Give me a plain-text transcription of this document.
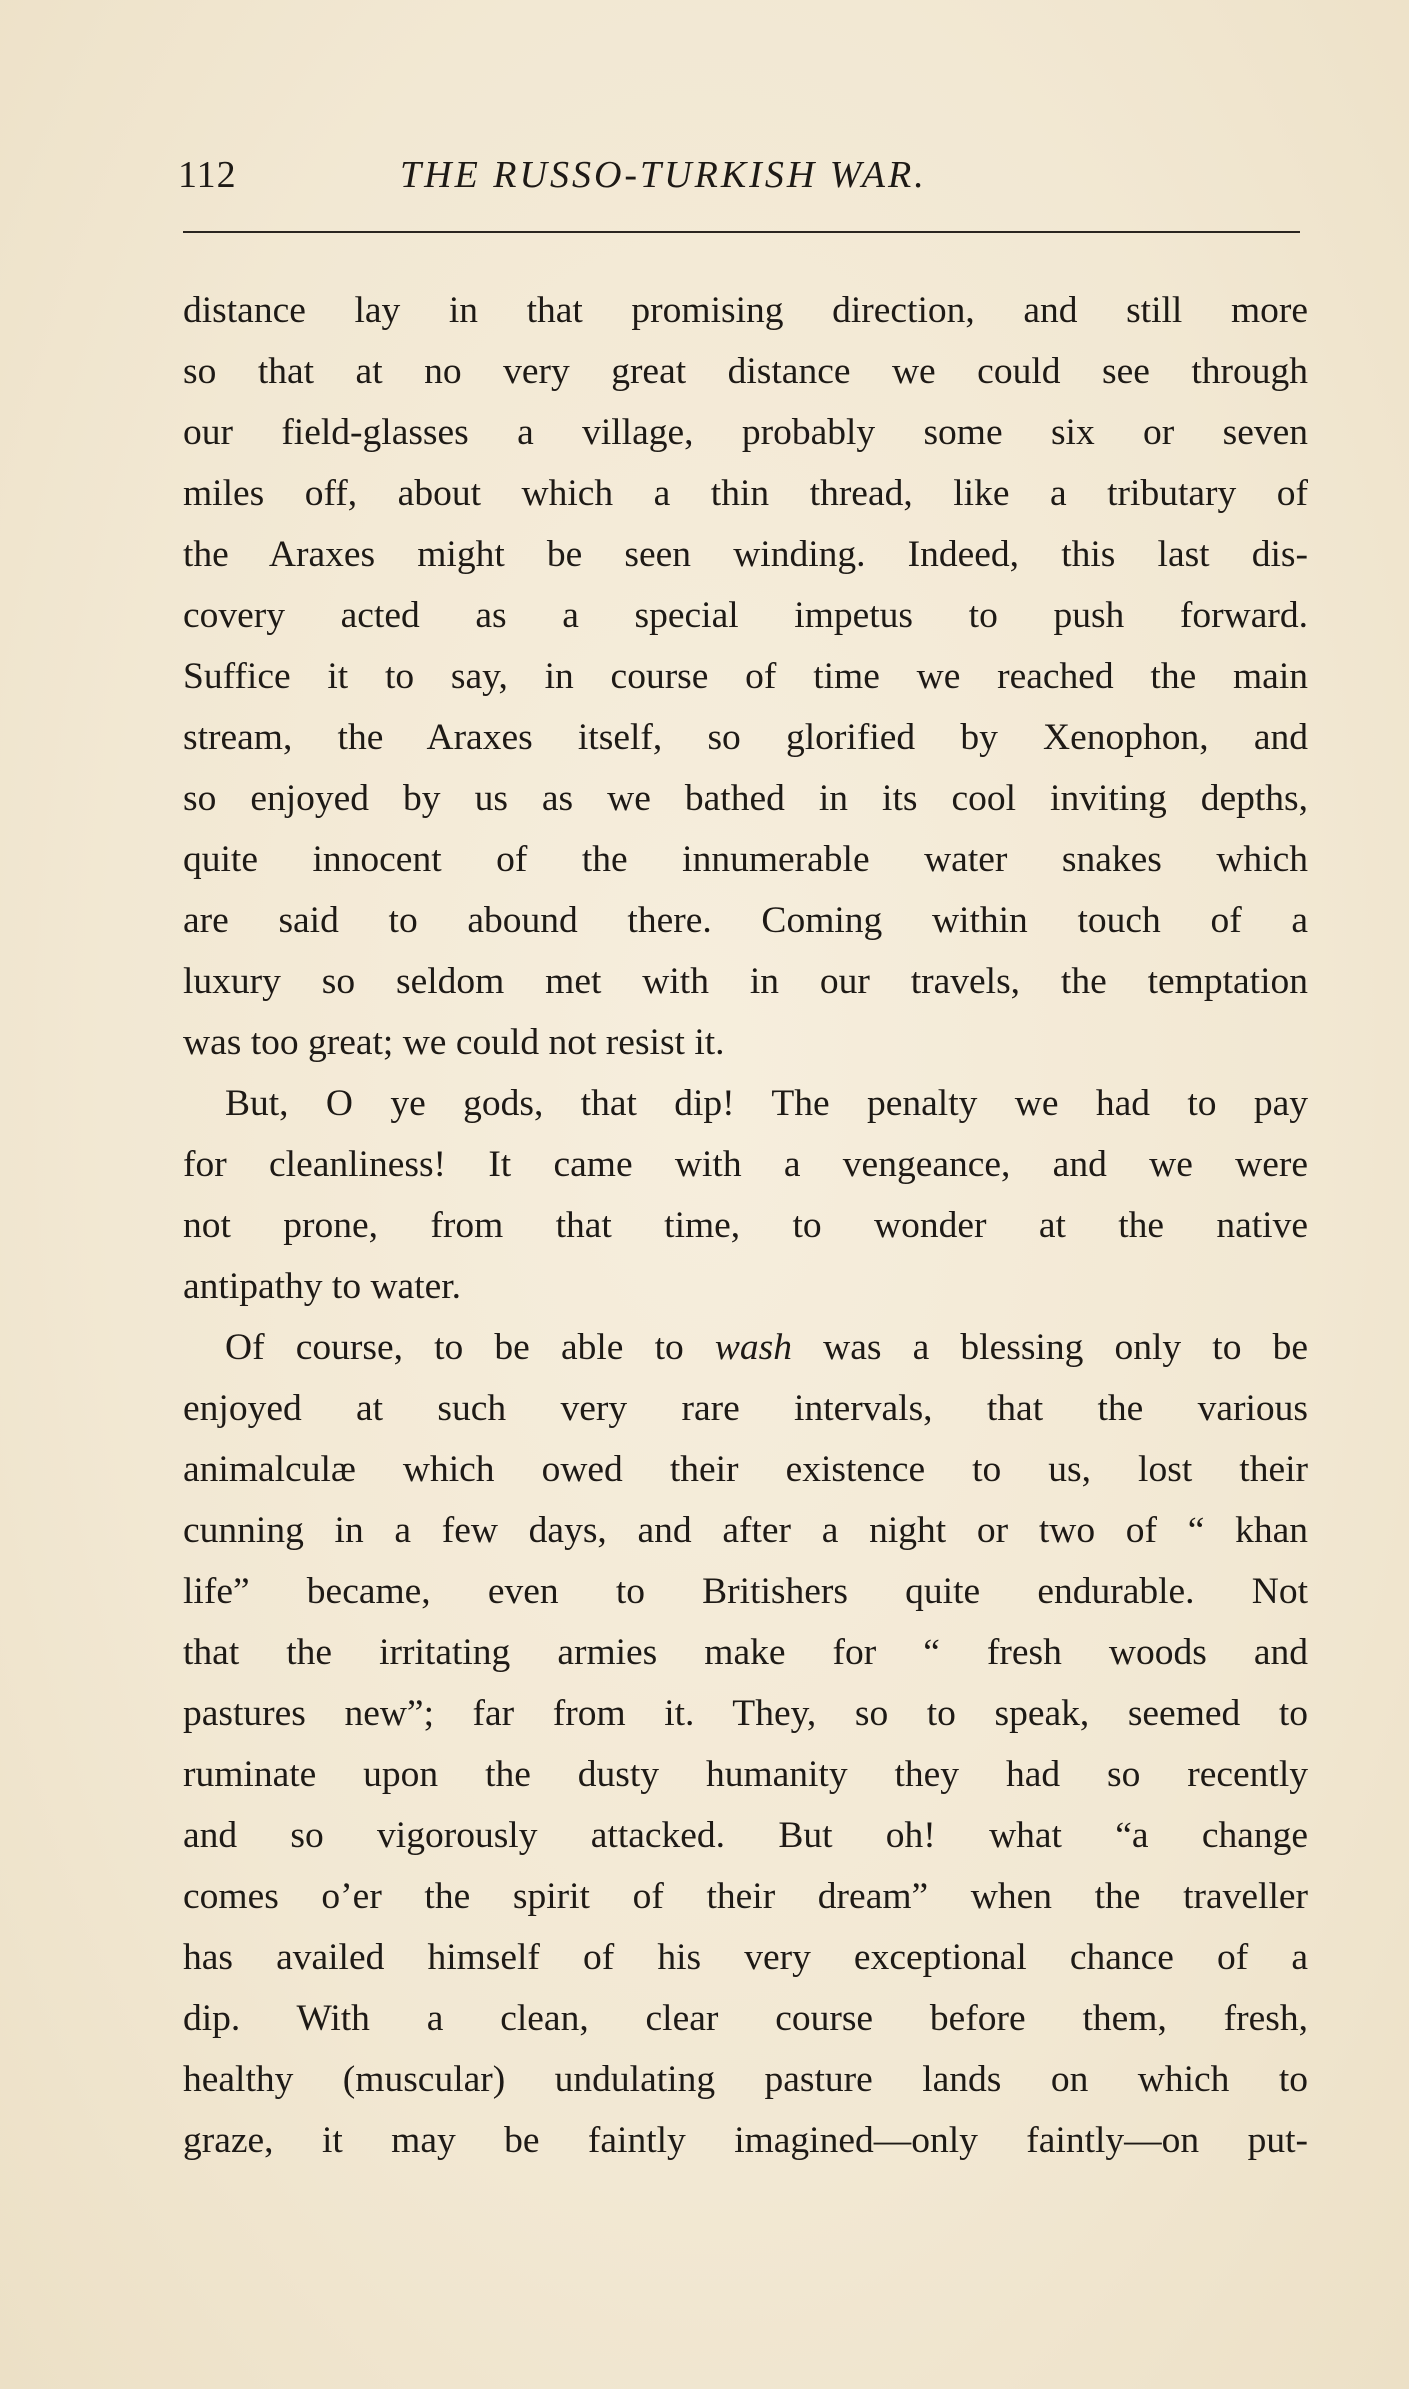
112	THE RUSSO-TURKISH WAR.
distance lay in that promising direction, and still more
so that at no very great distance we could see through
our field-glasses a village, probably some six or seven
miles off, about which a thin thread, like a tributary of
the Araxes might be seen winding. Indeed, this last dis-
covery acted as a special impetus to push forward.
Suffice it to say, in course of time we reached the main
stream, the Araxes itself, so glorified by Xenophon, and
so enjoyed by us as we bathed in its cool inviting depths,
quite innocent of the innumerable water snakes which
are said to abound there. Coming within touch of a
luxury so seldom met with in our travels, the temptation
was too great; we could not resist it.
But, O ye gods, that dip! The penalty we had to pay
for cleanliness! It came with a vengeance, and we were
not prone, from that time, to wonder at the native
antipathy to water.
Of course, to be able to wash was a blessing only to be
enjoyed at such very rare intervals, that the various
animalculæ which owed their existence to us, lost their
cunning in a few days, and after a night or two of “ khan
life” became, even to Britishers quite endurable. Not
that the irritating armies make for “ fresh woods and
pastures new”; far from it. They, so to speak, seemed to
ruminate upon the dusty humanity they had so recently
and so vigorously attacked. But oh! what “a change
comes o’er the spirit of their dream” when the traveller
has availed himself of his very exceptional chance of a
dip. With a clean, clear course before them, fresh,
healthy (muscular) undulating pasture lands on which to
graze, it may be faintly imagined—only faintly—on put-
